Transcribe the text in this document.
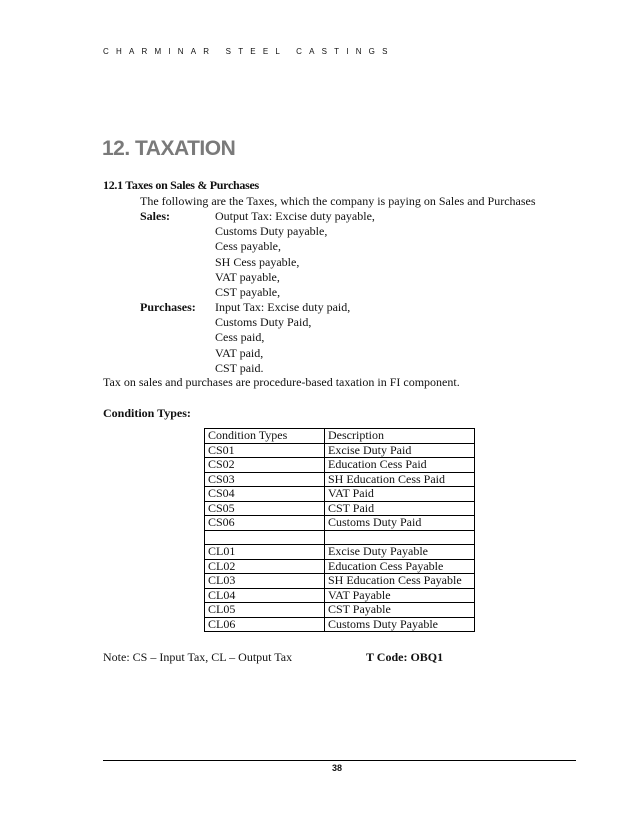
CHARMINAR STEEL CASTINGS
12. TAXATION
12.1 Taxes on Sales & Purchases
The following are the Taxes, which the company is paying on Sales and Purchases
Sales:	Output Tax: Excise duty payable,
Customs Duty payable,
Cess payable,
SH Cess payable,
VAT payable,
CST payable,
Purchases: Input Tax: Excise duty paid,
Customs Duty Paid,
Cess paid,
VAT paid,
CST paid.
Tax on sales and purchases are procedure-based taxation in FI component.
Condition Types:
Condition Types	Description
CS01	Excise Duty Paid
CS02	Education Cess Paid
CS03	SH Education Cess Paid
CS04	VAT Paid
CS05	CST Paid
CS06	Customs Duty Paid

CL01	Excise Duty Payable
CL02	Education Cess Payable
CL03	SH Education Cess Payable
CL04	VAT Payable
CL05	CST Payable
CL06	Customs Duty Payable
Note: CS – Input Tax, CL – Output Tax	T Code: OBQ1
38
